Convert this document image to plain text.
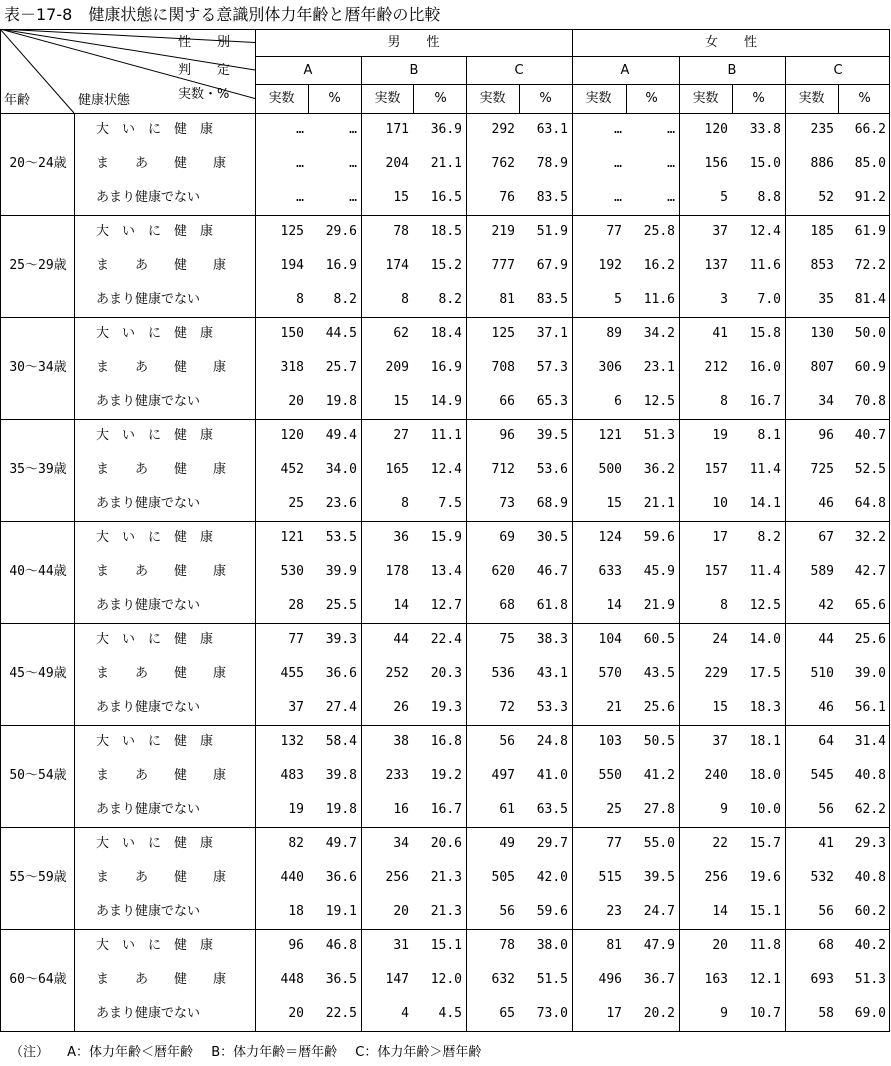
表－17-8　健康状態に関する意識別体力年齢と暦年齢の比較
性　　別
判　　定
実数・%
年齢	健康状態
男　　性	女　　性
A
実数	%
B
実数	%
C
実数	%
A
実数	%
B
実数	%
C
実数	%
20～24歳
大　い　に　健　康	…	…	171	36.9	292	63.1	…	…	120	33.8	235	66.2
ま　　あ　　健　　康	…	…	204	21.1	762	78.9	…	…	156	15.0	886	85.0
あまり健康でない	…	…	15	16.5	76	83.5	…	…	5	8.8	52	91.2
25～29歳
大　い　に　健　康	125	29.6	78	18.5	219	51.9	77	25.8	37	12.4	185	61.9
ま　　あ　　健　　康	194	16.9	174	15.2	777	67.9	192	16.2	137	11.6	853	72.2
あまり健康でない	8	8.2	8	8.2	81	83.5	5	11.6	3	7.0	35	81.4
30～34歳
大　い　に　健　康	150	44.5	62	18.4	125	37.1	89	34.2	41	15.8	130	50.0
ま　　あ　　健　　康	318	25.7	209	16.9	708	57.3	306	23.1	212	16.0	807	60.9
あまり健康でない	20	19.8	15	14.9	66	65.3	6	12.5	8	16.7	34	70.8
35～39歳
大　い　に　健　康	120	49.4	27	11.1	96	39.5	121	51.3	19	8.1	96	40.7
ま　　あ　　健　　康	452	34.0	165	12.4	712	53.6	500	36.2	157	11.4	725	52.5
あまり健康でない	25	23.6	8	7.5	73	68.9	15	21.1	10	14.1	46	64.8
40～44歳
大　い　に　健　康	121	53.5	36	15.9	69	30.5	124	59.6	17	8.2	67	32.2
ま　　あ　　健　　康	530	39.9	178	13.4	620	46.7	633	45.9	157	11.4	589	42.7
あまり健康でない	28	25.5	14	12.7	68	61.8	14	21.9	8	12.5	42	65.6
45～49歳
大　い　に　健　康	77	39.3	44	22.4	75	38.3	104	60.5	24	14.0	44	25.6
ま　　あ　　健　　康	455	36.6	252	20.3	536	43.1	570	43.5	229	17.5	510	39.0
あまり健康でない	37	27.4	26	19.3	72	53.3	21	25.6	15	18.3	46	56.1
50～54歳
大　い　に　健　康	132	58.4	38	16.8	56	24.8	103	50.5	37	18.1	64	31.4
ま　　あ　　健　　康	483	39.8	233	19.2	497	41.0	550	41.2	240	18.0	545	40.8
あまり健康でない	19	19.8	16	16.7	61	63.5	25	27.8	9	10.0	56	62.2
55～59歳
大　い　に　健　康	82	49.7	34	20.6	49	29.7	77	55.0	22	15.7	41	29.3
ま　　あ　　健　　康	440	36.6	256	21.3	505	42.0	515	39.5	256	19.6	532	40.8
あまり健康でない	18	19.1	20	21.3	56	59.6	23	24.7	14	15.1	56	60.2
60～64歳
大　い　に　健　康	96	46.8	31	15.1	78	38.0	81	47.9	20	11.8	68	40.2
ま　　あ　　健　　康	448	36.5	147	12.0	632	51.5	496	36.7	163	12.1	693	51.3
あまり健康でない	20	22.5	4	4.5	65	73.0	17	20.2	9	10.7	58	69.0
（注） A：体力年齢＜暦年齢 B：体力年齢＝暦年齢 C：体力年齢＞暦年齢
